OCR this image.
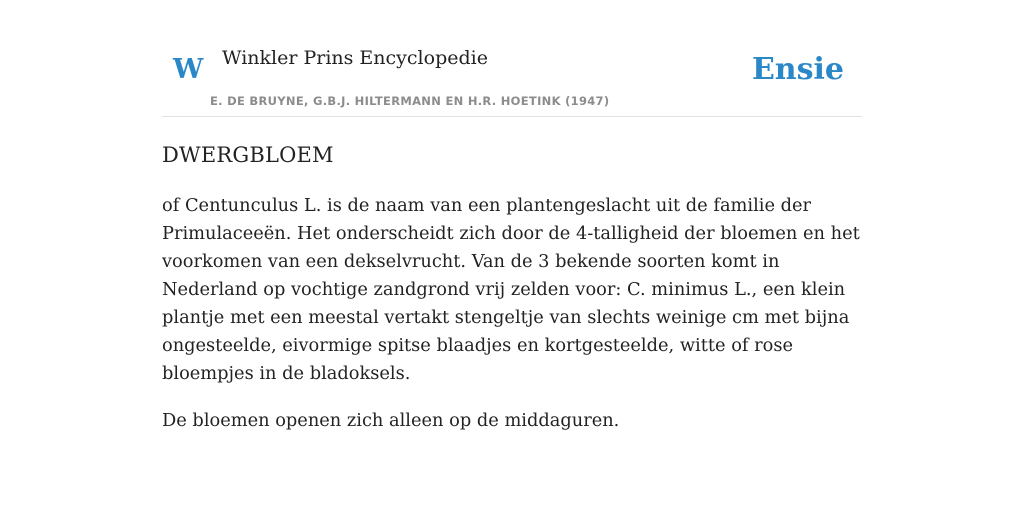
W Winkler Prins Encyclopedie
E. DE BRUYNE, G.B.J. HILTERMANN EN H.R. HOETINK (1947)
Ensie
DWERGBLOEM

of Centunculus L. is de naam van een plantengeslacht uit de familie der Primulaceeën. Het onderscheidt zich door de 4-talligheid der bloemen en het voorkomen van een dekselvrucht. Van de 3 bekende soorten komt in Nederland op vochtige zandgrond vrij zelden voor: C. minimus L., een klein plantje met een meestal vertakt stengeltje van slechts weinige cm met bijna ongesteelde, eivormige spitse blaadjes en kortgesteelde, witte of rose bloempjes in de bladoksels.

De bloemen openen zich alleen op de middaguren.
